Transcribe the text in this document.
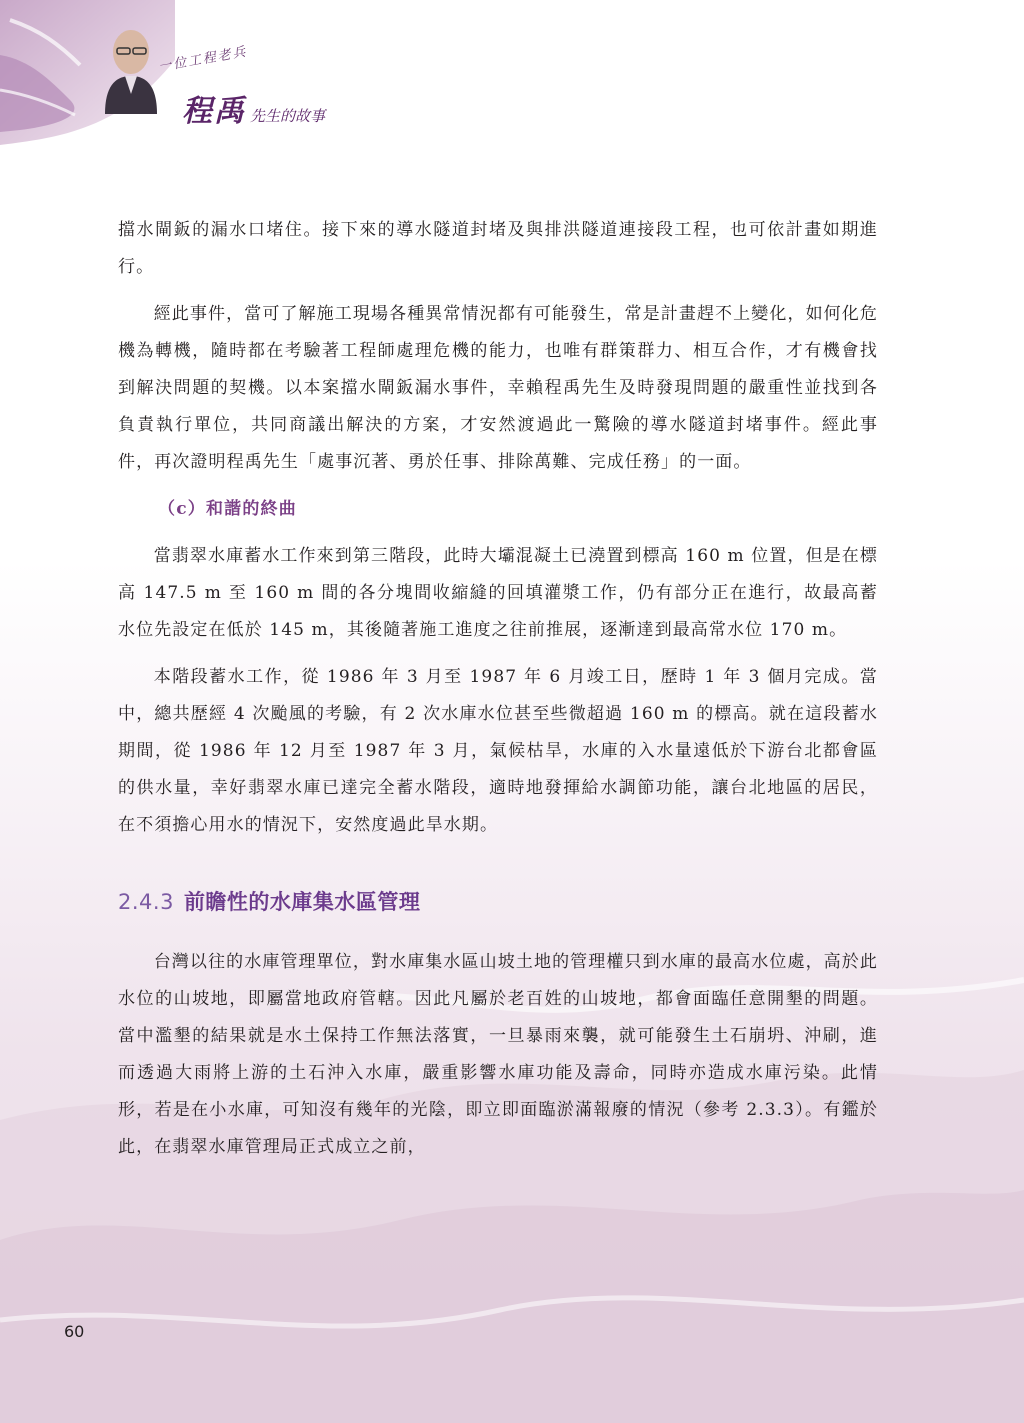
一位工程老兵
程禹 先生的故事

擋水閘鈑的漏水口堵住。接下來的導水隧道封堵及與排洪隧道連接段工程，也可依計畫如期進行。

經此事件，當可了解施工現場各種異常情況都有可能發生，常是計畫趕不上變化，如何化危機為轉機，隨時都在考驗著工程師處理危機的能力，也唯有群策群力、相互合作，才有機會找到解決問題的契機。以本案擋水閘鈑漏水事件，幸賴程禹先生及時發現問題的嚴重性並找到各負責執行單位，共同商議出解決的方案，才安然渡過此一驚險的導水隧道封堵事件。經此事件，再次證明程禹先生「處事沉著、勇於任事、排除萬難、完成任務」的一面。

（c）和諧的終曲

當翡翠水庫蓄水工作來到第三階段，此時大壩混凝土已澆置到標高 160 m 位置，但是在標高 147.5 m 至 160 m 間的各分塊間收縮縫的回填灌漿工作，仍有部分正在進行，故最高蓄水位先設定在低於 145 m，其後隨著施工進度之往前推展，逐漸達到最高常水位 170 m。

本階段蓄水工作，從 1986 年 3 月至 1987 年 6 月竣工日，歷時 1 年 3 個月完成。當中，總共歷經 4 次颱風的考驗，有 2 次水庫水位甚至些微超過 160 m 的標高。就在這段蓄水期間，從 1986 年 12 月至 1987 年 3 月，氣候枯旱，水庫的入水量遠低於下游台北都會區的供水量，幸好翡翠水庫已達完全蓄水階段，適時地發揮給水調節功能，讓台北地區的居民，在不須擔心用水的情況下，安然度過此旱水期。

2.4.3 前瞻性的水庫集水區管理

台灣以往的水庫管理單位，對水庫集水區山坡土地的管理權只到水庫的最高水位處，高於此水位的山坡地，即屬當地政府管轄。因此凡屬於老百姓的山坡地，都會面臨任意開墾的問題。當中濫墾的結果就是水土保持工作無法落實，一旦暴雨來襲，就可能發生土石崩坍、沖刷，進而透過大雨將上游的土石沖入水庫，嚴重影響水庫功能及壽命，同時亦造成水庫污染。此情形，若是在小水庫，可知沒有幾年的光陰，即立即面臨淤滿報廢的情況（參考 2.3.3）。有鑑於此，在翡翠水庫管理局正式成立之前，

60
